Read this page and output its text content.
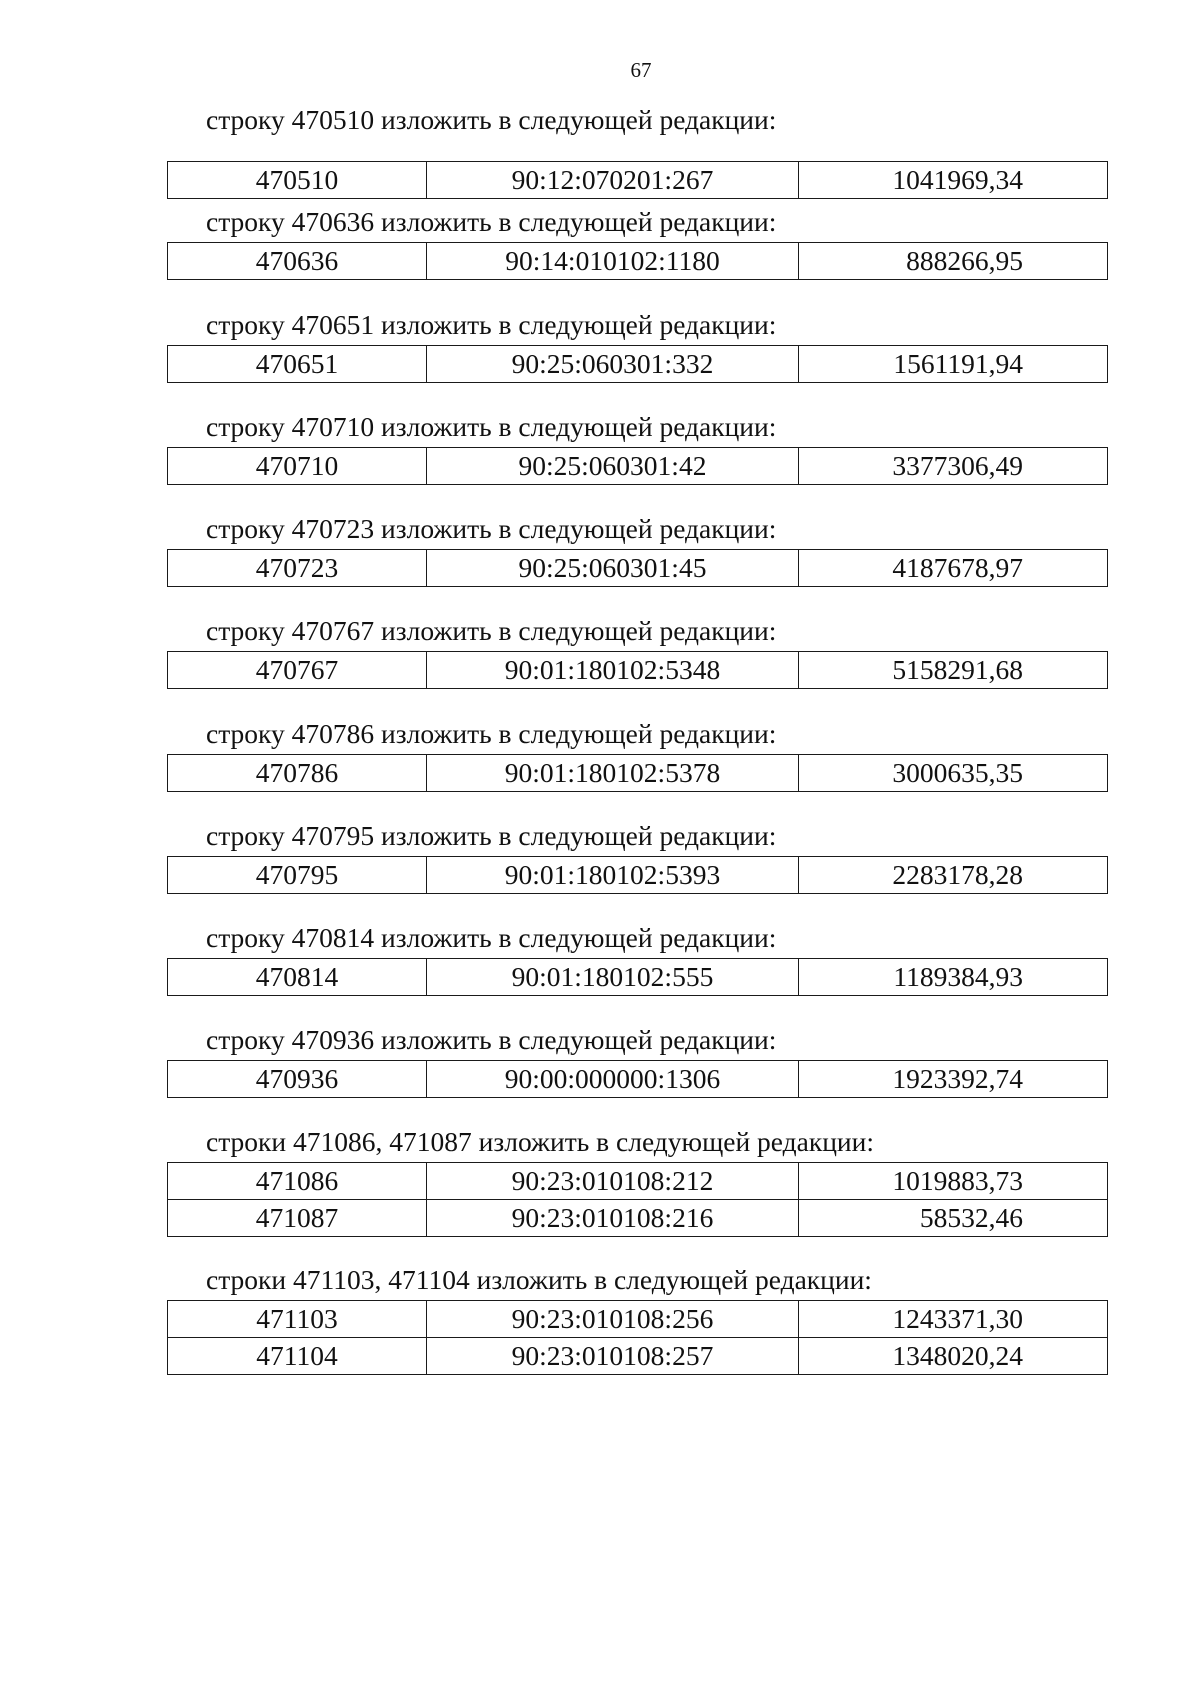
67
строку 470510 изложить в следующей редакции:
470510	90:12:070201:267	1041969,34
строку 470636 изложить в следующей редакции:
470636	90:14:010102:1180	888266,95
строку 470651 изложить в следующей редакции:
470651	90:25:060301:332	1561191,94
строку 470710 изложить в следующей редакции:
470710	90:25:060301:42	3377306,49
строку 470723 изложить в следующей редакции:
470723	90:25:060301:45	4187678,97
строку 470767 изложить в следующей редакции:
470767	90:01:180102:5348	5158291,68
строку 470786 изложить в следующей редакции:
470786	90:01:180102:5378	3000635,35
строку 470795 изложить в следующей редакции:
470795	90:01:180102:5393	2283178,28
строку 470814 изложить в следующей редакции:
470814	90:01:180102:555	1189384,93
строку 470936 изложить в следующей редакции:
470936	90:00:000000:1306	1923392,74
строки 471086, 471087 изложить в следующей редакции:
471086	90:23:010108:212	1019883,73
471087	90:23:010108:216	58532,46
строки 471103, 471104 изложить в следующей редакции:
471103	90:23:010108:256	1243371,30
471104	90:23:010108:257	1348020,24
